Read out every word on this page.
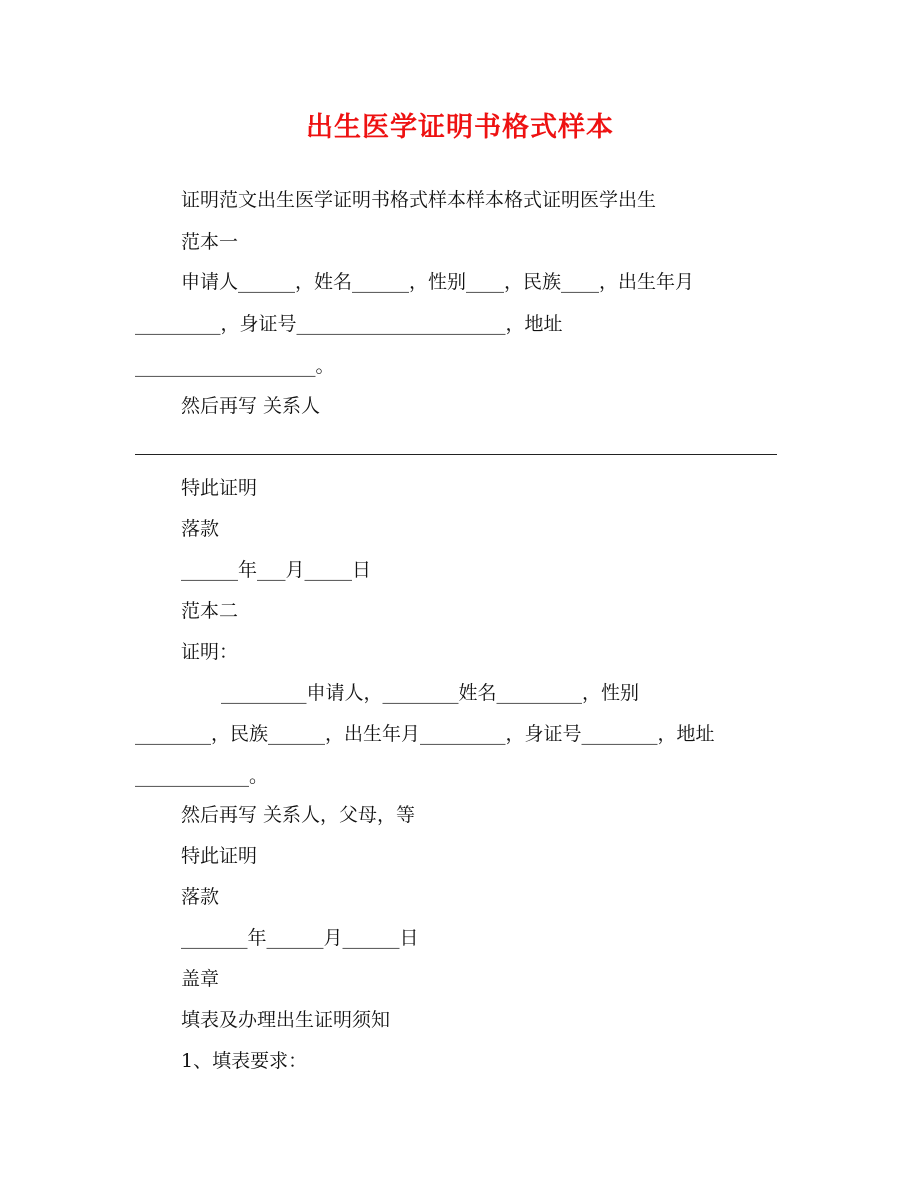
出生医学证明书格式样本
证明范文出生医学证明书格式样本样本格式证明医学出生
范本一
申请人______，姓名______，性别____，民族____，出生年月
_________，身证号______________________，地址
___________________。
然后再写 关系人
特此证明
落款
______年___月_____日
范本二
证明：
_________申请人，________姓名_________，性别
________，民族______，出生年月_________，身证号________，地址
____________。
然后再写 关系人，父母，等
特此证明
落款
_______年______月______日
盖章
填表及办理出生证明须知
1、填表要求：
